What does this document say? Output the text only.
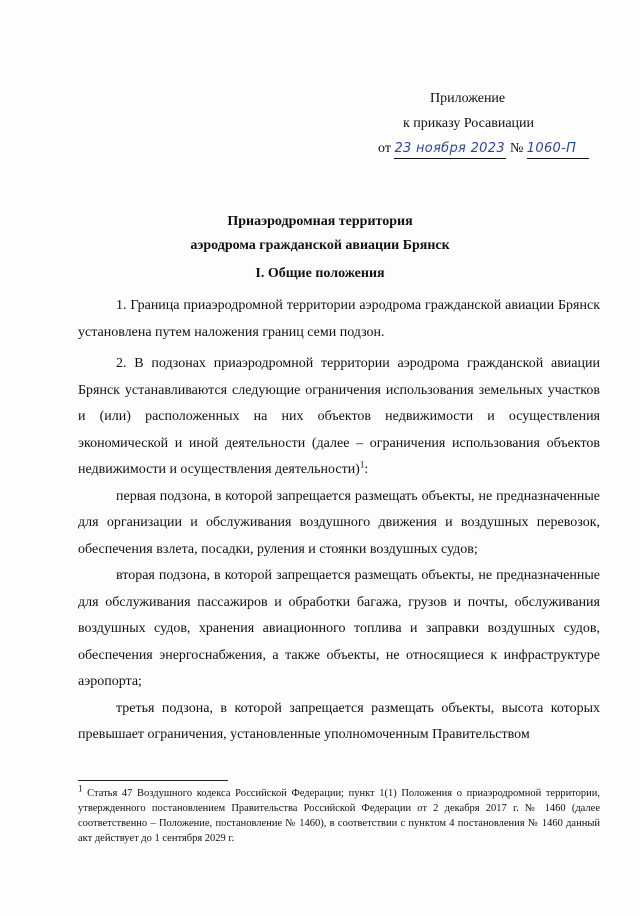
Приложение
к приказу Росавиации
от 23 ноября 2023 № 1060-П
Приаэродромная территория
аэродрома гражданской авиации Брянск
I. Общие положения

1. Граница приаэродромной территории аэродрома гражданской авиации Брянск установлена путем наложения границ семи подзон.

2. В подзонах приаэродромной территории аэродрома гражданской авиации Брянск устанавливаются следующие ограничения использования земельных участков и (или) расположенных на них объектов недвижимости и осуществления экономической и иной деятельности (далее – ограничения использования объектов недвижимости и осуществления деятельности)$^1$:

первая подзона, в которой запрещается размещать объекты, не предназначенные для организации и обслуживания воздушного движения и воздушных перевозок, обеспечения взлета, посадки, руления и стоянки воздушных судов;

вторая подзона, в которой запрещается размещать объекты, не предназначенные для обслуживания пассажиров и обработки багажа, грузов и почты, обслуживания воздушных судов, хранения авиационного топлива и заправки воздушных судов, обеспечения энергоснабжения, а также объекты, не относящиеся к инфраструктуре аэропорта;

третья подзона, в которой запрещается размещать объекты, высота которых превышает ограничения, установленные уполномоченным Правительством

$^1$ Статья 47 Воздушного кодекса Российской Федерации; пункт 1(1) Положения о приаэродромной территории, утвержденного постановлением Правительства Российской Федерации от 2 декабря 2017 г. № 1460 (далее соответственно – Положение, постановление № 1460), в соответствии с пунктом 4 постановления № 1460 данный акт действует до 1 сентября 2029 г.
